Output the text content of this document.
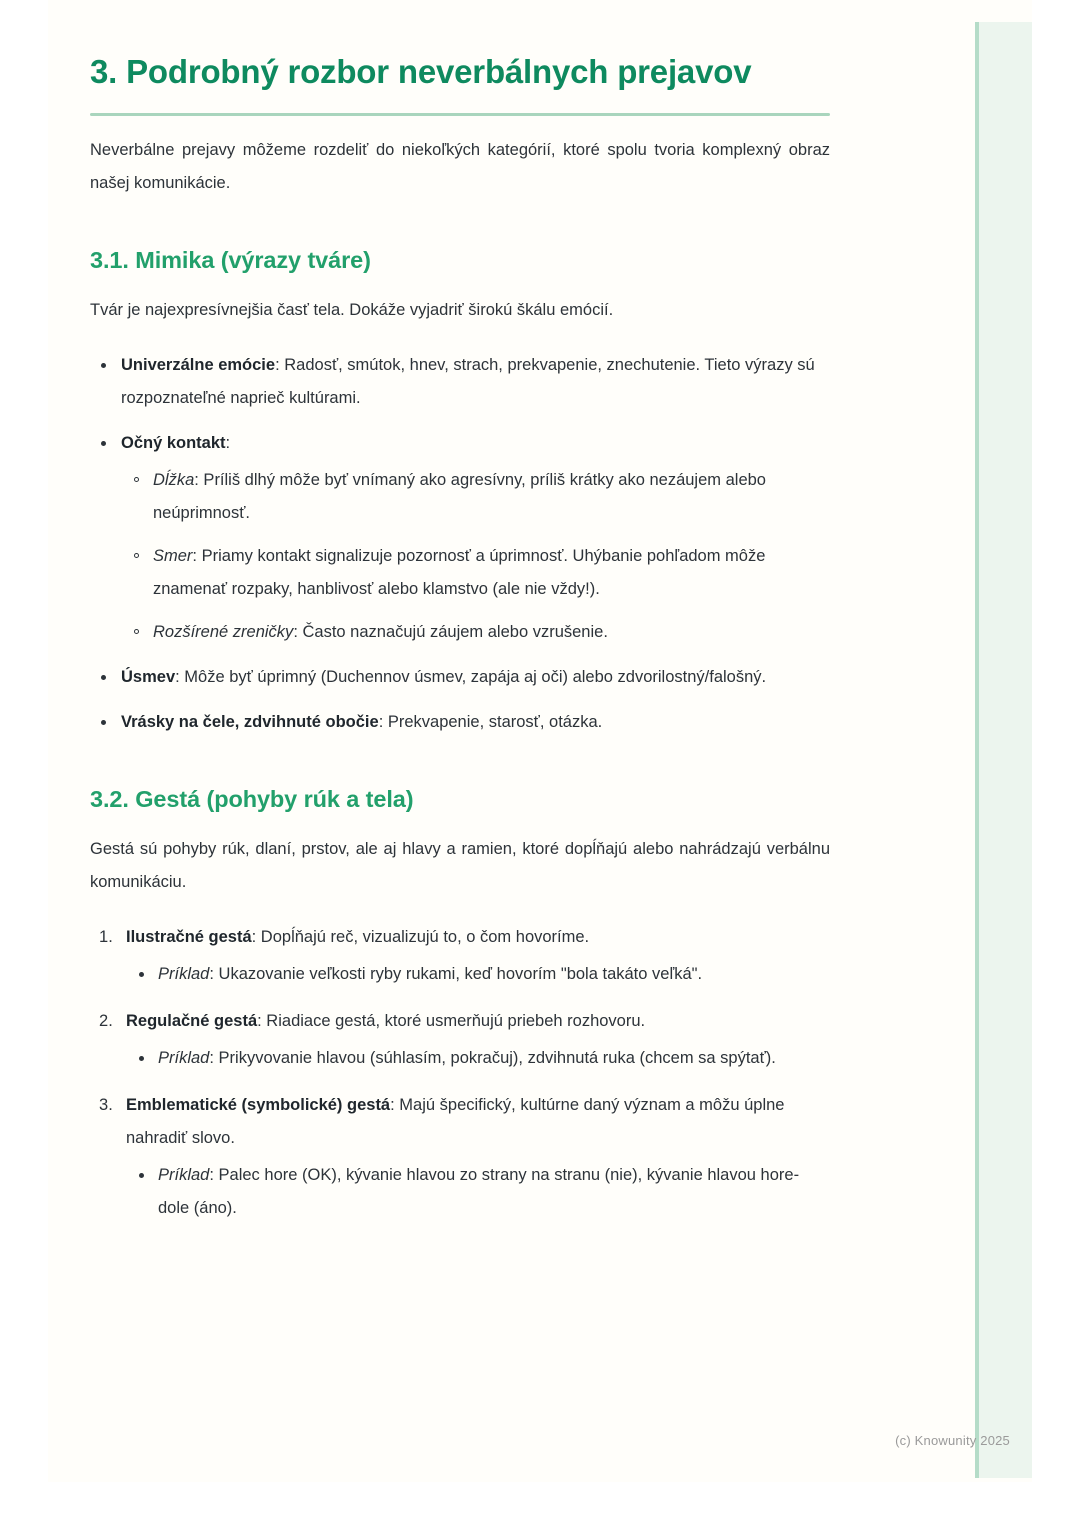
3. Podrobný rozbor neverbálnych prejavov

Neverbálne prejavy môžeme rozdeliť do niekoľkých kategórií, ktoré spolu tvoria komplexný obraz našej komunikácie.

3.1. Mimika (výrazy tváre)

Tvár je najexpresívnejšia časť tela. Dokáže vyjadriť širokú škálu emócií.

Univerzálne emócie: Radosť, smútok, hnev, strach, prekvapenie, znechutenie. Tieto výrazy sú rozpoznateľné naprieč kultúrami.
Očný kontakt:
Dĺžka: Príliš dlhý môže byť vnímaný ako agresívny, príliš krátky ako nezáujem alebo neúprimnosť.
Smer: Priamy kontakt signalizuje pozornosť a úprimnosť. Uhýbanie pohľadom môže znamenať rozpaky, hanblivosť alebo klamstvo (ale nie vždy!).
Rozšírené zreničky: Často naznačujú záujem alebo vzrušenie.
Úsmev: Môže byť úprimný (Duchennov úsmev, zapája aj oči) alebo zdvorilostný/falošný.
Vrásky na čele, zdvihnuté obočie: Prekvapenie, starosť, otázka.
3.2. Gestá (pohyby rúk a tela)

Gestá sú pohyby rúk, dlaní, prstov, ale aj hlavy a ramien, ktoré dopĺňajú alebo nahrádzajú verbálnu komunikáciu.

Ilustračné gestá: Dopĺňajú reč, vizualizujú to, o čom hovoríme.
Príklad: Ukazovanie veľkosti ryby rukami, keď hovorím "bola takáto veľká".
Regulačné gestá: Riadiace gestá, ktoré usmerňujú priebeh rozhovoru.
Príklad: Prikyvovanie hlavou (súhlasím, pokračuj), zdvihnutá ruka (chcem sa spýtať).
Emblematické (symbolické) gestá: Majú špecifický, kultúrne daný význam a môžu úplne nahradiť slovo.
Príklad: Palec hore (OK), kývanie hlavou zo strany na stranu (nie), kývanie hlavou hore-dole (áno).
(c) Knowunity 2025
